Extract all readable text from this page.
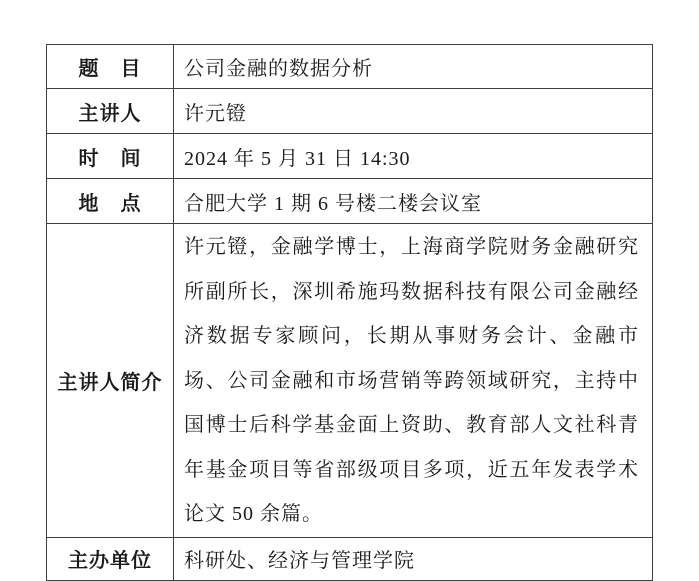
题　目	公司金融的数据分析
主讲人	许元镫
时　间	2024 年 5 月 31 日 14:30
地　点	合肥大学 1 期 6 号楼二楼会议室
主讲人简介	许元镫，金融学博士，上海商学院财务金融研究所副所长，深圳希施玛数据科技有限公司金融经济数据专家顾问，长期从事财务会计、金融市场、公司金融和市场营销等跨领域研究，主持中国博士后科学基金面上资助、教育部人文社科青年基金项目等省部级项目多项，近五年发表学术论文 50 余篇。
主办单位	科研处、经济与管理学院
